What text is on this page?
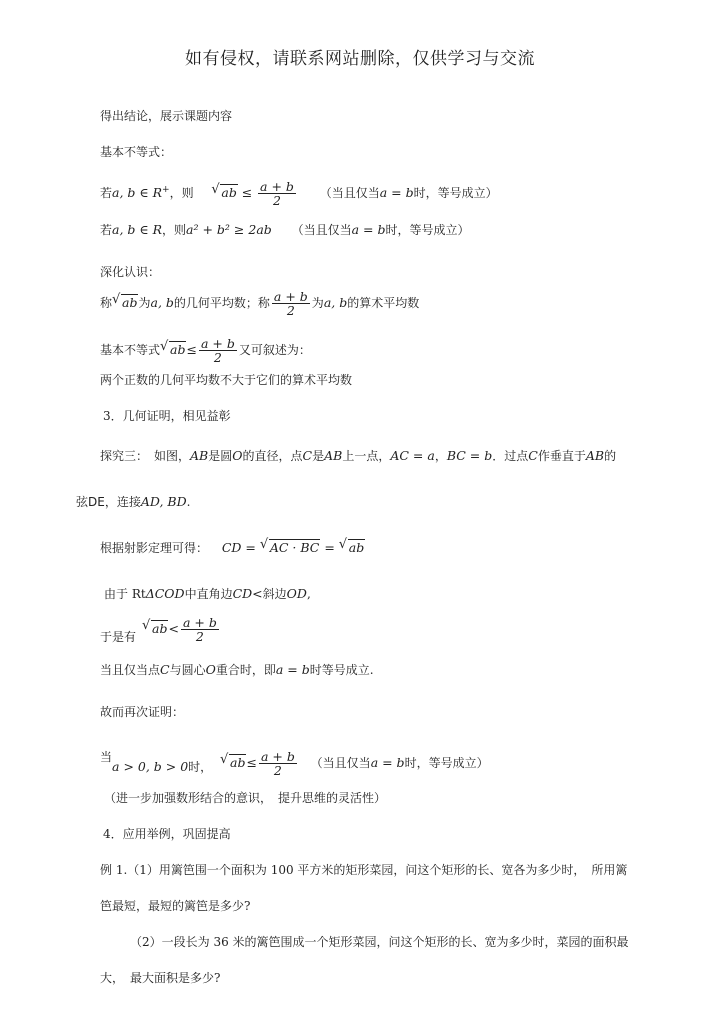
如有侵权，请联系网站删除，仅供学习与交流
得出结论，展示课题内容
基本不等式：
若a, b ∈ R+，则 √ ab ≤ $\frac{a + b}{2}$ （当且仅当a = b时，等号成立）
若a, b ∈ R，则a² + b² ≥ 2ab （当且仅当a = b时，等号成立）
深化认识：
称 √ ab为a, b的几何平均数；称 $\frac{a + b}{2}$ 为a, b的算术平均数
基本不等式 √ $ab\le \frac{a + b}{2}$ 又可叙述为：
两个正数的几何平均数不大于它们的算术平均数
3．几何证明，相见益彰
探究三：　如图，AB是圆O的直径，点C是AB上一点，AC = a，BC = b．过点C作垂直于AB的
弦DE，连接AD, BD.
根据射影定理可得： CD = √ AC · BC = √ ab
由于 RtΔCOD中直角边CD<斜边OD,
于是有
√ $ab< \frac{a + b}{2}$
当且仅当点C与圆心O重合时，即a = b时等号成立.
故而再次证明：
当a > 0, b > 0时， √ $ab\le \frac{a + b}{2}$ （当且仅当a = b时，等号成立）
（进一步加强数形结合的意识，　提升思维的灵活性）
4．应用举例，巩固提高
例 1.（1）用篱笆围一个面积为 100 平方米的矩形菜园，问这个矩形的长、宽各为多少时，　所用篱
笆最短，最短的篱笆是多少?
（2）一段长为 36 米的篱笆围成一个矩形菜园，问这个矩形的长、宽为多少时，菜园的面积最
大，　最大面积是多少?
